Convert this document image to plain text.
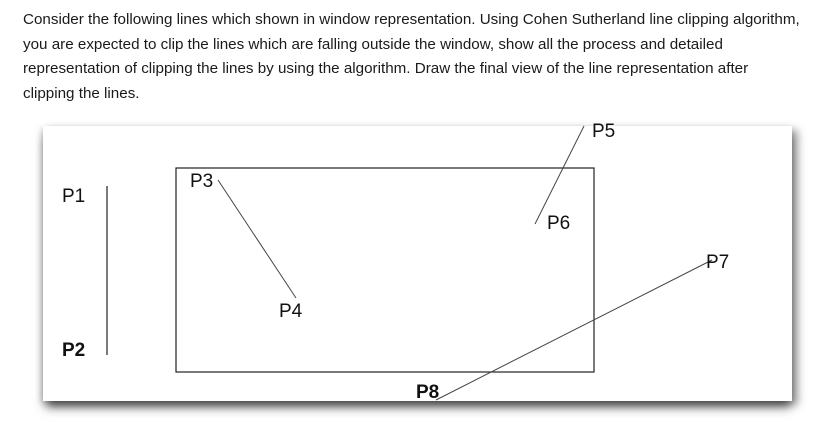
Consider the following lines which shown in window representation. Using Cohen Sutherland line clipping algorithm, you are expected to clip the lines which are falling outside the window, show all the process and detailed representation of clipping the lines by using the algorithm. Draw the final view of the line representation after clipping the lines.

P1
P2
P3
P4
P5
P6
P7
P8
